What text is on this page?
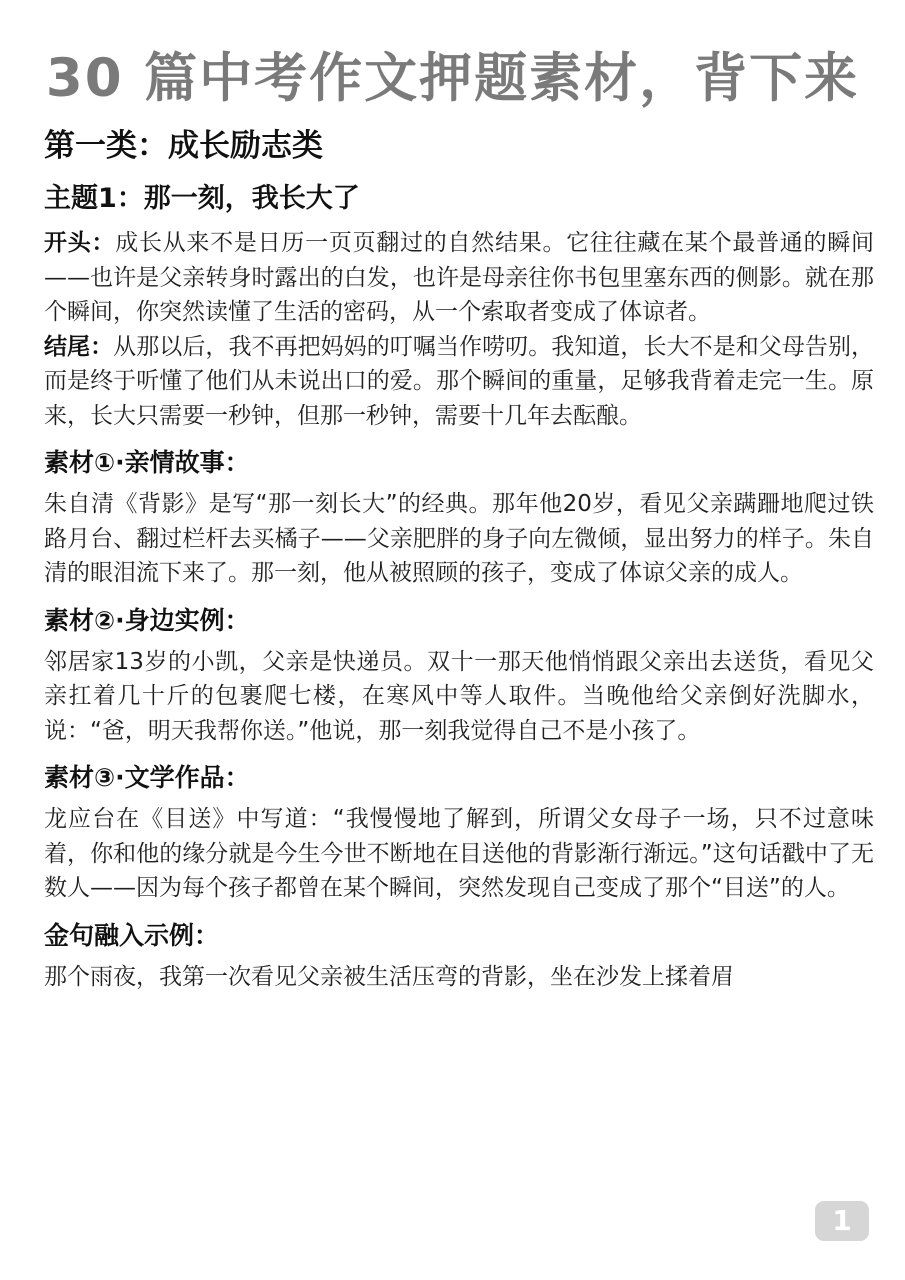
30 篇中考作文押题素材，背下来
第一类：成长励志类
主题1：那一刻，我长大了

开头：成长从来不是日历一页页翻过的自然结果。它往往藏在某个最普通的瞬间——也许是父亲转身时露出的白发，也许是母亲往你书包里塞东西的侧影。就在那个瞬间，你突然读懂了生活的密码，从一个索取者变成了体谅者。

结尾：从那以后，我不再把妈妈的叮嘱当作唠叨。我知道，长大不是和父母告别，而是终于听懂了他们从未说出口的爱。那个瞬间的重量，足够我背着走完一生。原来，长大只需要一秒钟，但那一秒钟，需要十几年去酝酿。

素材①·亲情故事：

朱自清《背影》是写“那一刻长大”的经典。那年他20岁，看见父亲蹒跚地爬过铁路月台、翻过栏杆去买橘子——父亲肥胖的身子向左微倾，显出努力的样子。朱自清的眼泪流下来了。那一刻，他从被照顾的孩子，变成了体谅父亲的成人。

素材②·身边实例：

邻居家13岁的小凯，父亲是快递员。双十一那天他悄悄跟父亲出去送货，看见父亲扛着几十斤的包裹爬七楼，在寒风中等人取件。当晚他给父亲倒好洗脚水，说：“爸，明天我帮你送。”他说，那一刻我觉得自己不是小孩了。

素材③·文学作品：

龙应台在《目送》中写道：“我慢慢地了解到，所谓父女母子一场，只不过意味着，你和他的缘分就是今生今世不断地在目送他的背影渐行渐远。”这句话戳中了无数人——因为每个孩子都曾在某个瞬间，突然发现自己变成了那个“目送”的人。

金句融入示例：

那个雨夜，我第一次看见父亲被生活压弯的背影，坐在沙发上揉着眉

1
